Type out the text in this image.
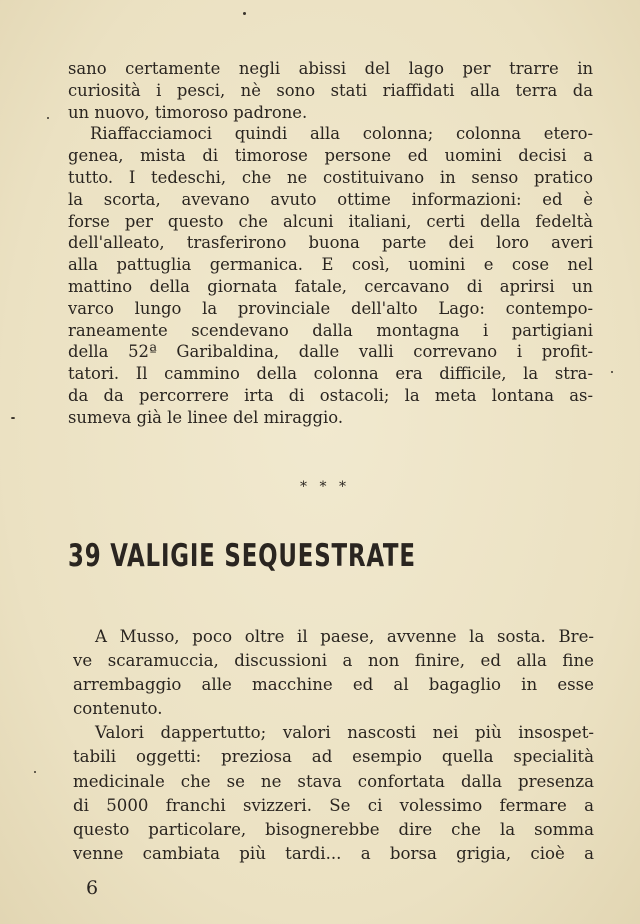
sano certamente negli abissi del lago per trarre in
curiosità i pesci, nè sono stati riaffidati alla terra da
un nuovo, timoroso padrone.
Riaffacciamoci quindi alla colonna; colonna etero-
genea, mista di timorose persone ed uomini decisi a
tutto. I tedeschi, che ne costituivano in senso pratico
la scorta, avevano avuto ottime informazioni: ed è
forse per questo che alcuni italiani, certi della fedeltà
dell'alleato, trasferirono buona parte dei loro averi
alla pattuglia germanica. E così, uomini e cose nel
mattino della giornata fatale, cercavano di aprirsi un
varco lungo la provinciale dell'alto Lago: contempo-
raneamente scendevano dalla montagna i partigiani
della 52ª Garibaldina, dalle valli correvano i profit-
tatori. Il cammino della colonna era difficile, la stra-
da da percorrere irta di ostacoli; la meta lontana as-
sumeva già le linee del miraggio.
* * *
39 VALIGIE SEQUESTRATE
A Musso, poco oltre il paese, avvenne la sosta. Bre-
ve scaramuccia, discussioni a non finire, ed alla fine
arrembaggio alle macchine ed al bagaglio in esse
contenuto.
Valori dappertutto; valori nascosti nei più insospet-
tabili oggetti: preziosa ad esempio quella specialità
medicinale che se ne stava confortata dalla presenza
di 5000 franchi svizzeri. Se ci volessimo fermare a
questo particolare, bisognerebbe dire che la somma
venne cambiata più tardi... a borsa grigia, cioè a
6
